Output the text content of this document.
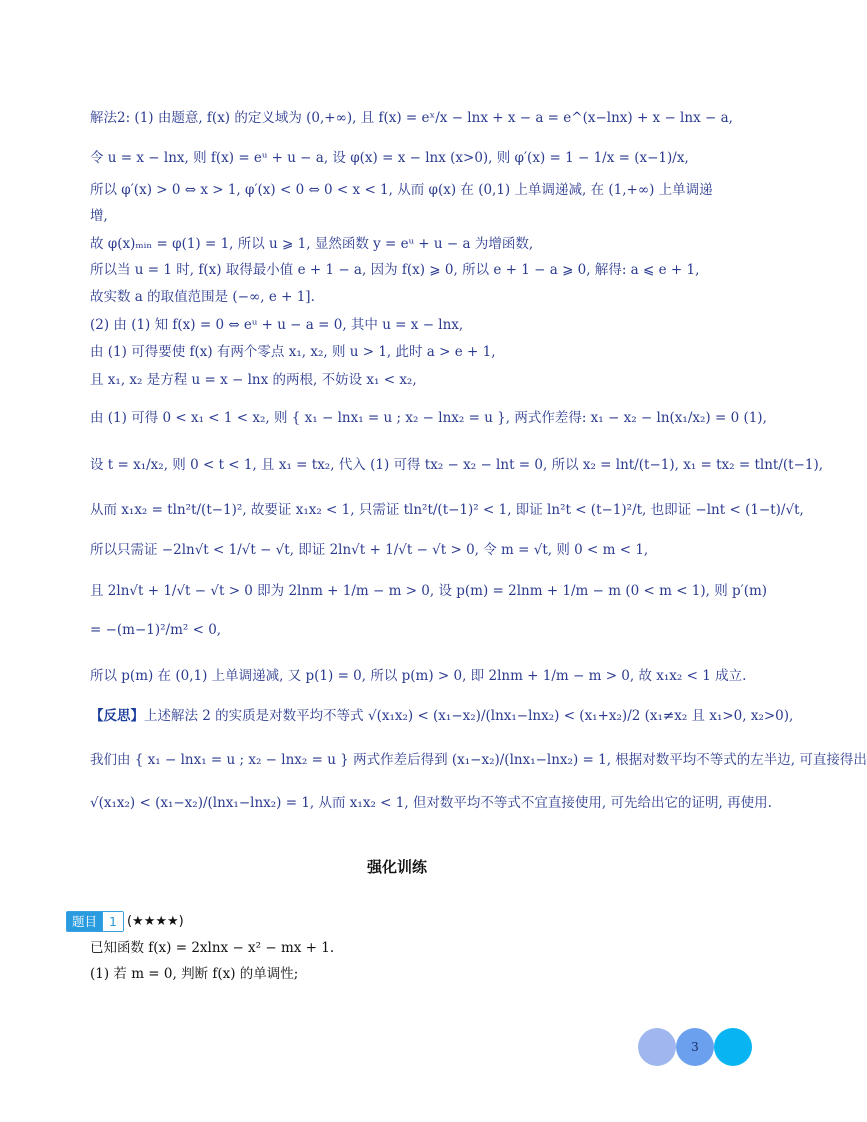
解法2: (1) 由题意, f(x) 的定义域为 (0,+∞), 且 f(x) = eˣ/x − lnx + x − a = e^(x−lnx) + x − lnx − a,
令 u = x − lnx, 则 f(x) = eᵘ + u − a, 设 φ(x) = x − lnx (x>0), 则 φ′(x) = 1 − 1/x = (x−1)/x,
所以 φ′(x) > 0 ⇔ x > 1, φ′(x) < 0 ⇔ 0 < x < 1, 从而 φ(x) 在 (0,1) 上单调递减, 在 (1,+∞) 上单调递
增,
故 φ(x)ₘᵢₙ = φ(1) = 1, 所以 u ⩾ 1, 显然函数 y = eᵘ + u − a 为增函数,
所以当 u = 1 时, f(x) 取得最小值 e + 1 − a, 因为 f(x) ⩾ 0, 所以 e + 1 − a ⩾ 0, 解得: a ⩽ e + 1,
故实数 a 的取值范围是 (−∞, e + 1].
(2) 由 (1) 知 f(x) = 0 ⇔ eᵘ + u − a = 0, 其中 u = x − lnx,
由 (1) 可得要使 f(x) 有两个零点 x₁, x₂, 则 u > 1, 此时 a > e + 1,
且 x₁, x₂ 是方程 u = x − lnx 的两根, 不妨设 x₁ < x₂,
由 (1) 可得 0 < x₁ < 1 < x₂, 则 { x₁ − lnx₁ = u ; x₂ − lnx₂ = u }, 两式作差得: x₁ − x₂ − ln(x₁/x₂) = 0 (1),
设 t = x₁/x₂, 则 0 < t < 1, 且 x₁ = tx₂, 代入 (1) 可得 tx₂ − x₂ − lnt = 0, 所以 x₂ = lnt/(t−1), x₁ = tx₂ = tlnt/(t−1),
从而 x₁x₂ = tln²t/(t−1)², 故要证 x₁x₂ < 1, 只需证 tln²t/(t−1)² < 1, 即证 ln²t < (t−1)²/t, 也即证 −lnt < (1−t)/√t,
所以只需证 −2ln√t < 1/√t − √t, 即证 2ln√t + 1/√t − √t > 0, 令 m = √t, 则 0 < m < 1,
且 2ln√t + 1/√t − √t > 0 即为 2lnm + 1/m − m > 0, 设 p(m) = 2lnm + 1/m − m (0 < m < 1), 则 p′(m)
= −(m−1)²/m² < 0,
所以 p(m) 在 (0,1) 上单调递减, 又 p(1) = 0, 所以 p(m) > 0, 即 2lnm + 1/m − m > 0, 故 x₁x₂ < 1 成立.
【反思】上述解法 2 的实质是对数平均不等式 √(x₁x₂) < (x₁−x₂)/(lnx₁−lnx₂) < (x₁+x₂)/2 (x₁≠x₂ 且 x₁>0, x₂>0),
我们由 { x₁ − lnx₁ = u ; x₂ − lnx₂ = u } 两式作差后得到 (x₁−x₂)/(lnx₁−lnx₂) = 1, 根据对数平均不等式的左半边, 可直接得出
√(x₁x₂) < (x₁−x₂)/(lnx₁−lnx₂) = 1, 从而 x₁x₂ < 1, 但对数平均不等式不宜直接使用, 可先给出它的证明, 再使用.
强化训练
题目 1 (★★★★)
已知函数 f(x) = 2xlnx − x² − mx + 1.
(1) 若 m = 0, 判断 f(x) 的单调性;
3
